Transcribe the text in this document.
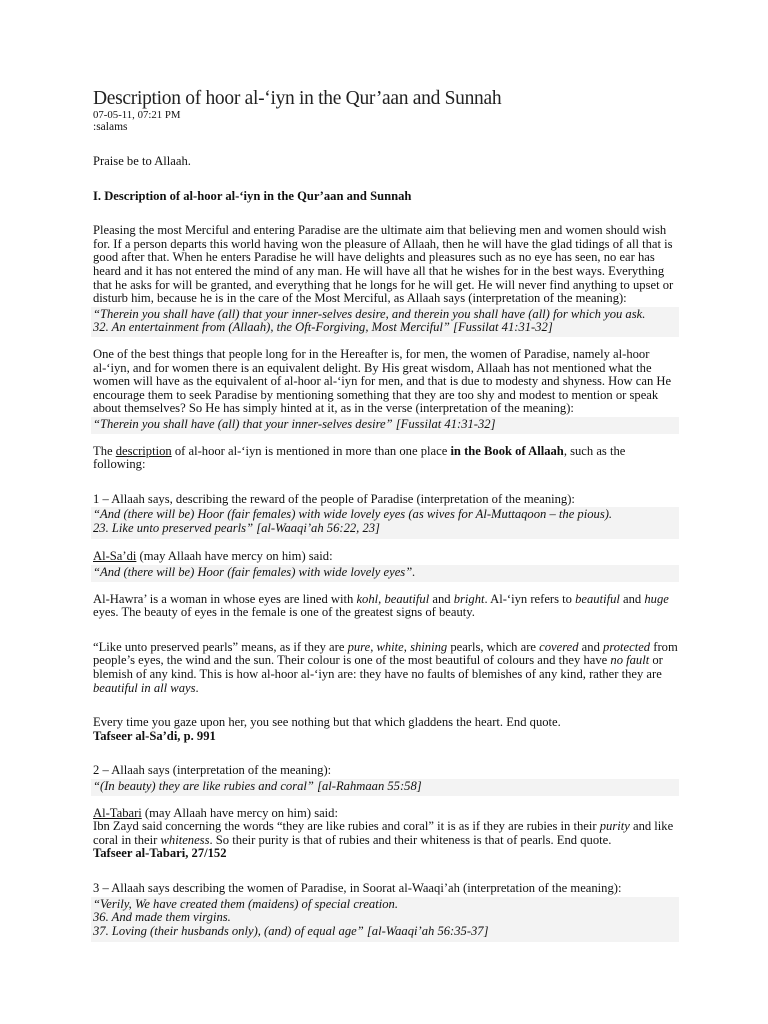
Description of hoor al-‘iyn in the Qur’aan and Sunnah
07-05-11, 07:21 PM
:salams

Praise be to Allaah.

I. Description of al-hoor al-‘iyn in the Qur’aan and Sunnah

Pleasing the most Merciful and entering Paradise are the ultimate aim that believing men and women should wish for. If a person departs this world having won the pleasure of Allaah, then he will have the glad tidings of all that is good after that. When he enters Paradise he will have delights and pleasures such as no eye has seen, no ear has heard and it has not entered the mind of any man. He will have all that he wishes for in the best ways. Everything that he asks for will be granted, and everything that he longs for he will get. He will never find anything to upset or disturb him, because he is in the care of the Most Merciful, as Allaah says (interpretation of the meaning):

“Therein you shall have (all) that your inner-selves desire, and therein you shall have (all) for which you ask.
32. An entertainment from (Allaah), the Oft-Forgiving, Most Merciful” [Fussilat 41:31-32]

One of the best things that people long for in the Hereafter is, for men, the women of Paradise, namely al-hoor al-‘iyn, and for women there is an equivalent delight. By His great wisdom, Allaah has not mentioned what the women will have as the equivalent of al-hoor al-‘iyn for men, and that is due to modesty and shyness. How can He encourage them to seek Paradise by mentioning something that they are too shy and modest to mention or speak about themselves? So He has simply hinted at it, as in the verse (interpretation of the meaning):

“Therein you shall have (all) that your inner-selves desire” [Fussilat 41:31-32]

The description of al-hoor al-‘iyn is mentioned in more than one place in the Book of Allaah, such as the following:

1 – Allaah says, describing the reward of the people of Paradise (interpretation of the meaning):

“And (there will be) Hoor (fair females) with wide lovely eyes (as wives for Al-Muttaqoon – the pious).
23. Like unto preserved pearls” [al-Waaqi’ah 56:22, 23]

Al-Sa’di (may Allaah have mercy on him) said:

“And (there will be) Hoor (fair females) with wide lovely eyes”.

Al-Hawra’ is a woman in whose eyes are lined with kohl, beautiful and bright. Al-‘iyn refers to beautiful and huge eyes. The beauty of eyes in the female is one of the greatest signs of beauty.

“Like unto preserved pearls” means, as if they are pure, white, shining pearls, which are covered and protected from people’s eyes, the wind and the sun. Their colour is one of the most beautiful of colours and they have no fault or blemish of any kind. This is how al-hoor al-‘iyn are: they have no faults of blemishes of any kind, rather they are beautiful in all ways.

Every time you gaze upon her, you see nothing but that which gladdens the heart. End quote.

Tafseer al-Sa’di, p. 991

2 – Allaah says (interpretation of the meaning):

“(In beauty) they are like rubies and coral” [al-Rahmaan 55:58]

Al-Tabari (may Allaah have mercy on him) said:

Ibn Zayd said concerning the words “they are like rubies and coral” it is as if they are rubies in their purity and like coral in their whiteness. So their purity is that of rubies and their whiteness is that of pearls. End quote.

Tafseer al-Tabari, 27/152

3 – Allaah says describing the women of Paradise, in Soorat al-Waaqi’ah (interpretation of the meaning):

“Verily, We have created them (maidens) of special creation.
36. And made them virgins.
37. Loving (their husbands only), (and) of equal age” [al-Waaqi’ah 56:35-37]
